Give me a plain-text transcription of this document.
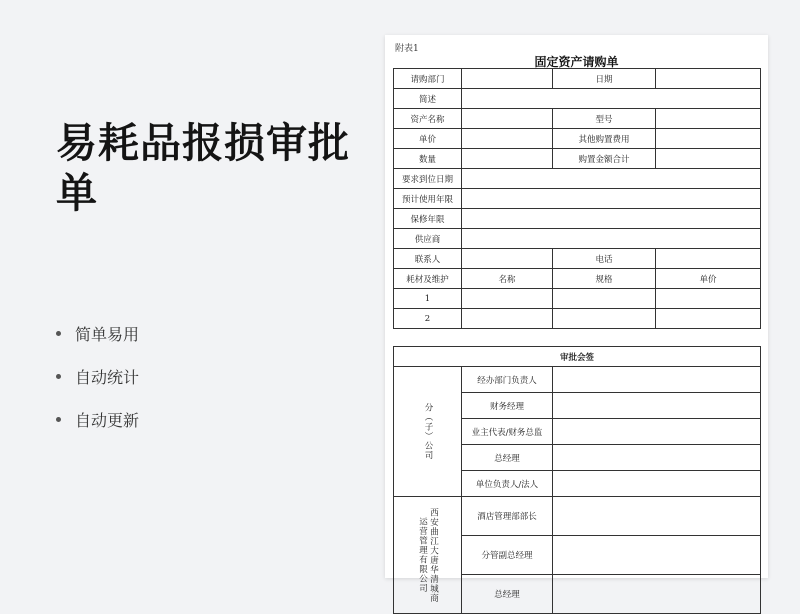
易耗品报损审批单
简单易用
自动统计
自动更新
附表1
固定资产请购单
请购部门		日期	
简述			
资产名称		型号	
单价		其他购置费用	
数量		购置金额合计	
要求到位日期			
预计使用年限			
保修年限			
供应商			
联系人		电话	
耗材及维护	名称	规格	单价
1			
2			
审批会签		

分（子）公司	经办部门负责人	
	财务经理	
	业主代表/财务总监	
	总经理	
	单位负责人/法人	

西安曲江大唐华清城商运营管理有限公司	酒店管理部部长	
	分管副总经理	
	总经理	
